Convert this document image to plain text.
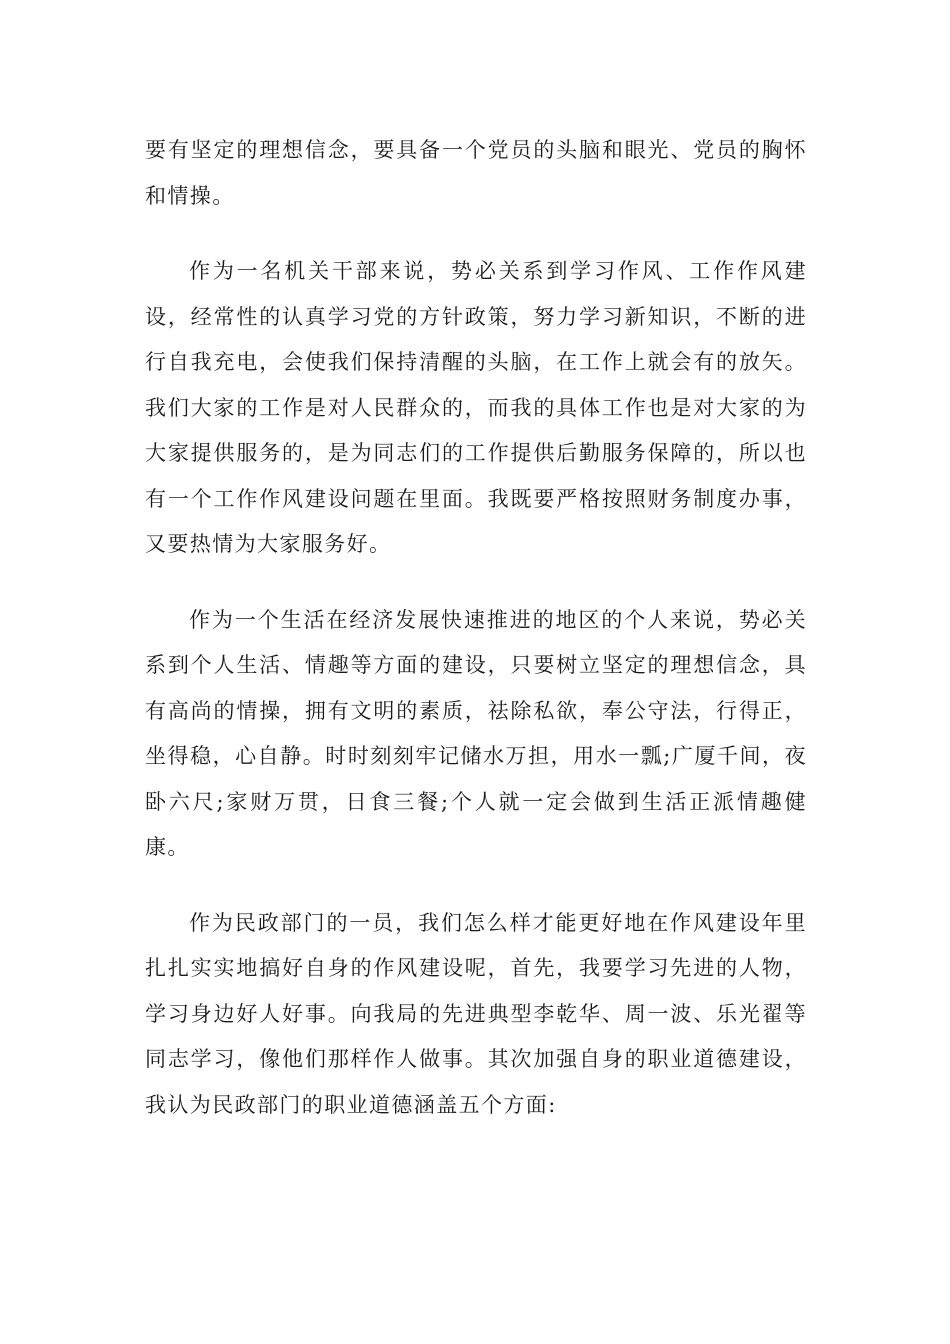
要有坚定的理想信念，要具备一个党员的头脑和眼光、党员的胸怀和情操。

作为一名机关干部来说，势必关系到学习作风、工作作风建设，经常性的认真学习党的方针政策，努力学习新知识，不断的进行自我充电，会使我们保持清醒的头脑，在工作上就会有的放矢。我们大家的工作是对人民群众的，而我的具体工作也是对大家的为大家提供服务的，是为同志们的工作提供后勤服务保障的，所以也有一个工作作风建设问题在里面。我既要严格按照财务制度办事，又要热情为大家服务好。

作为一个生活在经济发展快速推进的地区的个人来说，势必关系到个人生活、情趣等方面的建设，只要树立坚定的理想信念，具有高尚的情操，拥有文明的素质，祛除私欲，奉公守法，行得正，坐得稳，心自静。时时刻刻牢记储水万担，用水一瓢;广厦千间，夜卧六尺;家财万贯，日食三餐;个人就一定会做到生活正派情趣健康。

作为民政部门的一员，我们怎么样才能更好地在作风建设年里扎扎实实地搞好自身的作风建设呢，首先，我要学习先进的人物，学习身边好人好事。向我局的先进典型李乾华、周一波、乐光翟等同志学习，像他们那样作人做事。其次加强自身的职业道德建设，我认为民政部门的职业道德涵盖五个方面:
